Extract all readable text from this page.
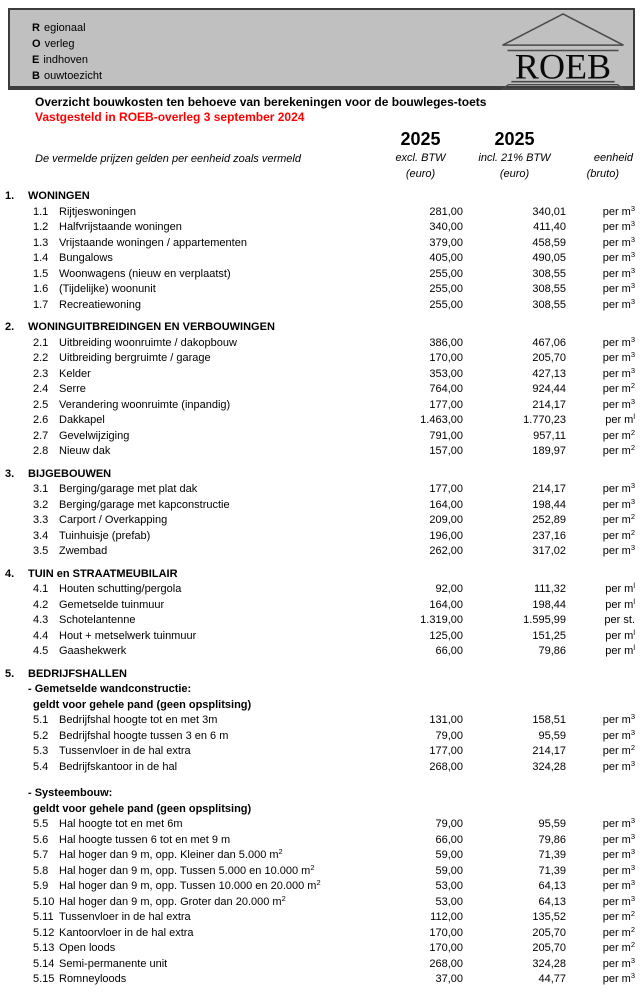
R egionaal
O verleg
E indhoven
B ouwtoezicht	ROEB
Overzicht bouwkosten ten behoeve van berekeningen voor de bouwleges-toets
Vastgesteld in ROEB-overleg 3 september 2024
De vermelde prijzen gelden per eenheid zoals vermeld
2025
excl. BTW
(euro)
2025
incl. 21% BTW
(euro)
eenheid
(bruto)
1.	WONINGEN
1.1 Rijtjeswoningen	281,00	340,01	per $m^3$
1.2 Halfvrijstaande woningen	340,00	411,40	per $m^3$
1.3 Vrijstaande woningen / appartementen	379,00	458,59	per $m^3$
1.4 Bungalows	405,00	490,05	per $m^3$
1.5 Woonwagens (nieuw en verplaatst)	255,00	308,55	per $m^3$
1.6 (Tijdelijke) woonunit	255,00	308,55	per $m^3$
1.7 Recreatiewoning	255,00	308,55	per $m^3$
2.	WONINGUITBREIDINGEN EN VERBOUWINGEN
2.1 Uitbreiding woonruimte / dakopbouw	386,00	467,06	per $m^3$
2.2 Uitbreiding bergruimte / garage	170,00	205,70	per $m^3$
2.3 Kelder	353,00	427,13	per $m^3$
2.4 Serre	764,00	924,44	per $m^2$
2.5 Verandering woonruimte (inpandig)	177,00	214,17	per $m^3$
2.6 Dakkapel	1.463,00	1.770,23	per $m^l$
2.7 Gevelwijziging	791,00	957,11	per $m^2$
2.8 Nieuw dak	157,00	189,97	per $m^2$
3.	BIJGEBOUWEN
3.1 Berging/garage met plat dak	177,00	214,17	per $m^3$
3.2 Berging/garage met kapconstructie	164,00	198,44	per $m^3$
3.3 Carport / Overkapping	209,00	252,89	per $m^2$
3.4 Tuinhuisje (prefab)	196,00	237,16	per $m^2$
3.5 Zwembad	262,00	317,02	per $m^3$
4.	TUIN en STRAATMEUBILAIR
4.1 Houten schutting/pergola	92,00	111,32	per $m^l$
4.2 Gemetselde tuinmuur	164,00	198,44	per $m^l$
4.3 Schotelantenne	1.319,00	1.595,99	per st.
4.4 Hout + metselwerk tuinmuur	125,00	151,25	per $m^l$
4.5 Gaashekwerk	66,00	79,86	per $m^l$
5.	BEDRIJFSHALLEN
- Gemetselde wandconstructie:
geldt voor gehele pand (geen opsplitsing)
5.1 Bedrijfshal hoogte tot en met 3m	131,00	158,51	per $m^3$
5.2 Bedrijfshal hoogte tussen 3 en 6 m	79,00	95,59	per $m^3$
5.3 Tussenvloer in de hal extra	177,00	214,17	per $m^2$
5.4 Bedrijfskantoor in de hal	268,00	324,28	per $m^3$
- Systeembouw:
geldt voor gehele pand (geen opsplitsing)
5.5 Hal hoogte tot en met 6m	79,00	95,59	per $m^3$
5.6 Hal hoogte tussen 6 tot en met 9 m	66,00	79,86	per $m^3$
5.7 Hal hoger dan 9 m, opp. Kleiner dan 5.000 $m^2$	59,00	71,39	per $m^3$
5.8 Hal hoger dan 9 m, opp. Tussen 5.000 en 10.000 $m^2$	59,00	71,39	per $m^3$
5.9 Hal hoger dan 9 m, opp. Tussen 10.000 en 20.000 $m^2$	53,00	64,13	per $m^3$
5.10 Hal hoger dan 9 m, opp. Groter dan 20.000 $m^2$	53,00	64,13	per $m^3$
5.11 Tussenvloer in de hal extra	112,00	135,52	per $m^2$
5.12 Kantoorvloer in de hal extra	170,00	205,70	per $m^2$
5.13 Open loods	170,00	205,70	per $m^2$
5.14 Semi-permanente unit	268,00	324,28	per $m^3$
5.15 Romneyloods	37,00	44,77	per $m^3$
